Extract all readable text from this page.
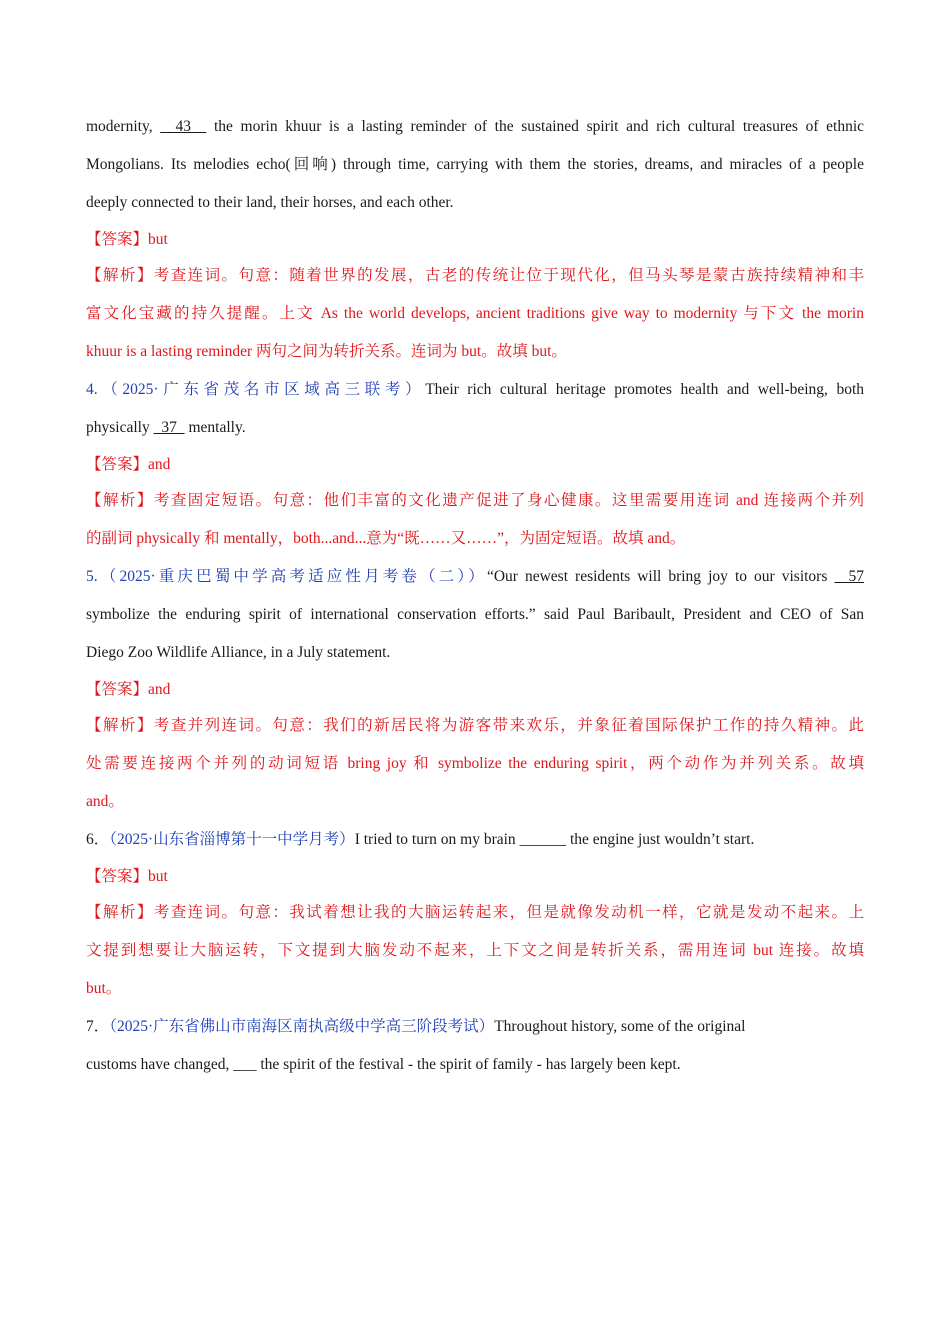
modernity,   43   the morin khuur is a lasting reminder of the sustained spirit and rich cultural treasures of ethnic
Mongolians. Its melodies echo(回响) through time, carrying with them the stories, dreams, and miracles of a people
deeply connected to their land, their horses, and each other.
【答案】but
【解析】考查连词。句意：随着世界的发展，古老的传统让位于现代化，但马头琴是蒙古族持续精神和丰
富文化宝藏的持久提醒。上文 As the world develops, ancient traditions give way to modernity 与下文 the morin
khuur is a lasting reminder 两句之间为转折关系。连词为 but。故填 but。
4.（2025·广东省茂名市区域高三联考）Their rich cultural heritage promotes health and well-being, both
physically   37   mentally.
【答案】and
【解析】考查固定短语。句意：他们丰富的文化遗产促进了身心健康。这里需要用连词 and 连接两个并列
的副词 physically 和 mentally，both...and...意为“既……又……”，为固定短语。故填 and。
5.（2025·重庆巴蜀中学高考适应性月考卷（二））“Our newest residents will bring joy to our visitors   57
symbolize the enduring spirit of international conservation efforts.” said Paul Baribault, President and CEO of San
Diego Zoo Wildlife Alliance, in a July statement.
【答案】and
【解析】考查并列连词。句意：我们的新居民将为游客带来欢乐，并象征着国际保护工作的持久精神。此
处需要连接两个并列的动词短语 bring joy 和 symbolize the enduring spirit，两个动作为并列关系。故填
and。
6．（2025·山东省淄博第十一中学月考）I tried to turn on my brain ______ the engine just wouldn’t start.
【答案】but
【解析】考查连词。句意：我试着想让我的大脑运转起来，但是就像发动机一样，它就是发动不起来。上
文提到想要让大脑运转，下文提到大脑发动不起来，上下文之间是转折关系，需用连词 but 连接。故填
but。
7．（2025·广东省佛山市南海区南执高级中学高三阶段考试）Throughout history, some of the original
customs have changed, ___ the spirit of the festival - the spirit of family - has largely been kept.
